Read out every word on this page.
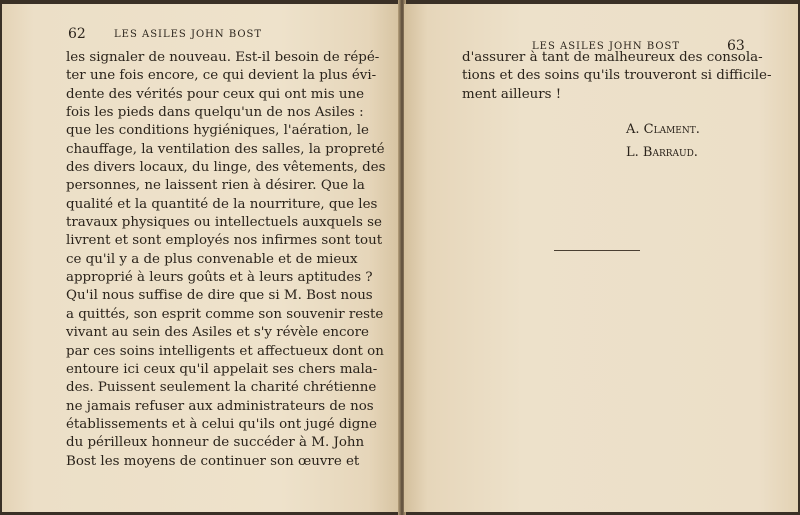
62	LES ASILES JOHN BOST
les signaler de nouveau. Est-il besoin de répé-
ter une fois encore, ce qui devient la plus évi-
dente des vérités pour ceux qui ont mis une
fois les pieds dans quelqu'un de nos Asiles :
que les conditions hygiéniques, l'aération, le
chauffage, la ventilation des salles, la propreté
des divers locaux, du linge, des vêtements, des
personnes, ne laissent rien à désirer. Que la
qualité et la quantité de la nourriture, que les
travaux physiques ou intellectuels auxquels se
livrent et sont employés nos infirmes sont tout
ce qu'il y a de plus convenable et de mieux
approprié à leurs goûts et à leurs aptitudes ?
Qu'il nous suffise de dire que si M. Bost nous
a quittés, son esprit comme son souvenir reste
vivant au sein des Asiles et s'y révèle encore
par ces soins intelligents et affectueux dont on
entoure ici ceux qu'il appelait ses chers mala-
des. Puissent seulement la charité chrétienne
ne jamais refuser aux administrateurs de nos
établissements et à celui qu'ils ont jugé digne
du périlleux honneur de succéder à M. John
Bost les moyens de continuer son œuvre et
LES ASILES JOHN BOST	63
d'assurer à tant de malheureux des consola-
tions et des soins qu'ils trouveront si difficile-
ment ailleurs !
A. Clament.
L. Barraud.
